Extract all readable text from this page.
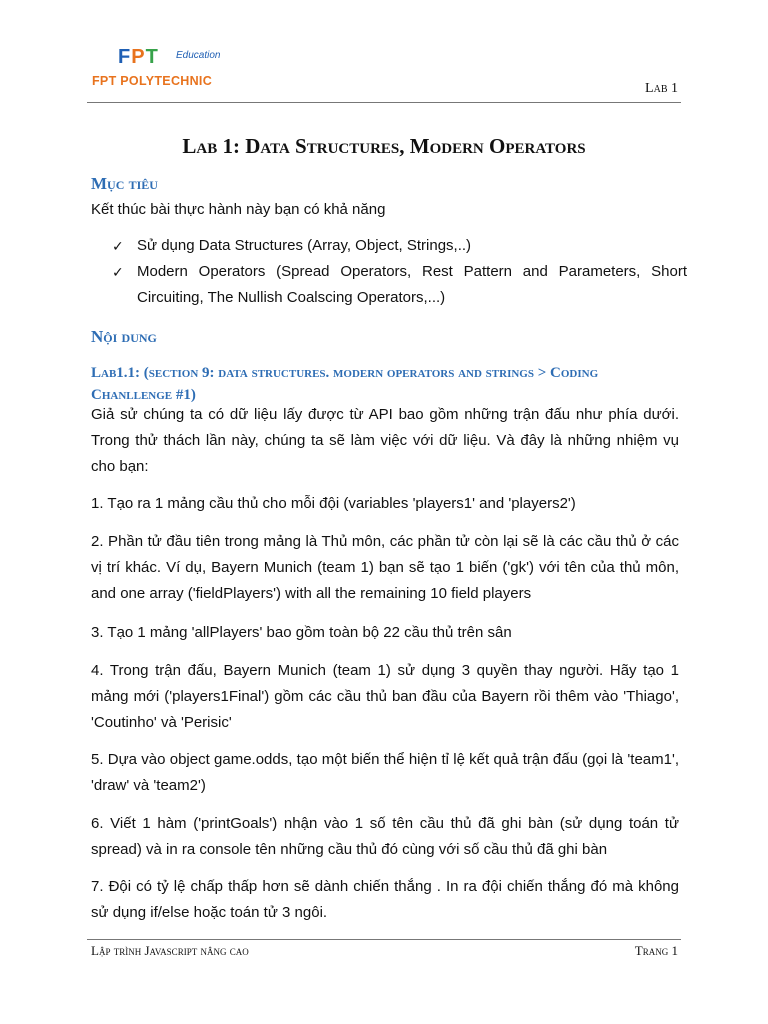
FPT Education
FPT POLYTECHNIC	Lab 1
Lab 1: Data Structures, Modern Operators
Mục tiêu
Kết thúc bài thực hành này bạn có khả năng
✓ Sử dụng Data Structures (Array, Object, Strings,..)
✓ Modern Operators (Spread Operators, Rest Pattern and Parameters, Short Circuiting, The Nullish Coalscing Operators,...)
Nội dung
Lab1.1: (section 9: data structures. modern operators and strings > Coding Chanllenge #1)
Giả sử chúng ta có dữ liệu lấy được từ API bao gồm những trận đấu như phía dưới. Trong thử thách lần này, chúng ta sẽ làm việc với dữ liệu. Và đây là những nhiệm vụ cho bạn:
1. Tạo ra 1 mảng cầu thủ cho mỗi đội (variables 'players1' and 'players2')
2. Phần tử đầu tiên trong mảng là Thủ môn, các phần tử còn lại sẽ là các cầu thủ ở các vị trí khác. Ví dụ, Bayern Munich (team 1) bạn sẽ tạo 1 biến ('gk') với tên của thủ môn, and one array ('fieldPlayers') with all the remaining 10 field players
3. Tạo 1 mảng 'allPlayers' bao gồm toàn bộ 22 cầu thủ trên sân
4. Trong trận đấu, Bayern Munich (team 1) sử dụng 3 quyền thay người. Hãy tạo 1 mảng mới ('players1Final') gồm các cầu thủ ban đầu của Bayern rồi thêm vào 'Thiago', 'Coutinho' và 'Perisic'
5. Dựa vào object game.odds, tạo một biến thể hiện tỉ lệ kết quả trận đấu (gọi là 'team1', 'draw' và 'team2')
6. Viết 1 hàm ('printGoals') nhận vào 1 số tên cầu thủ đã ghi bàn (sử dụng toán tử spread) và in ra console tên những cầu thủ đó cùng với số cầu thủ đã ghi bàn
7. Đội có tỷ lệ chấp thấp hơn sẽ dành chiến thắng . In ra đội chiến thắng đó mà không sử dụng if/else hoặc toán tử 3 ngôi.
Lập trình Javascript nâng cao	Trang 1
